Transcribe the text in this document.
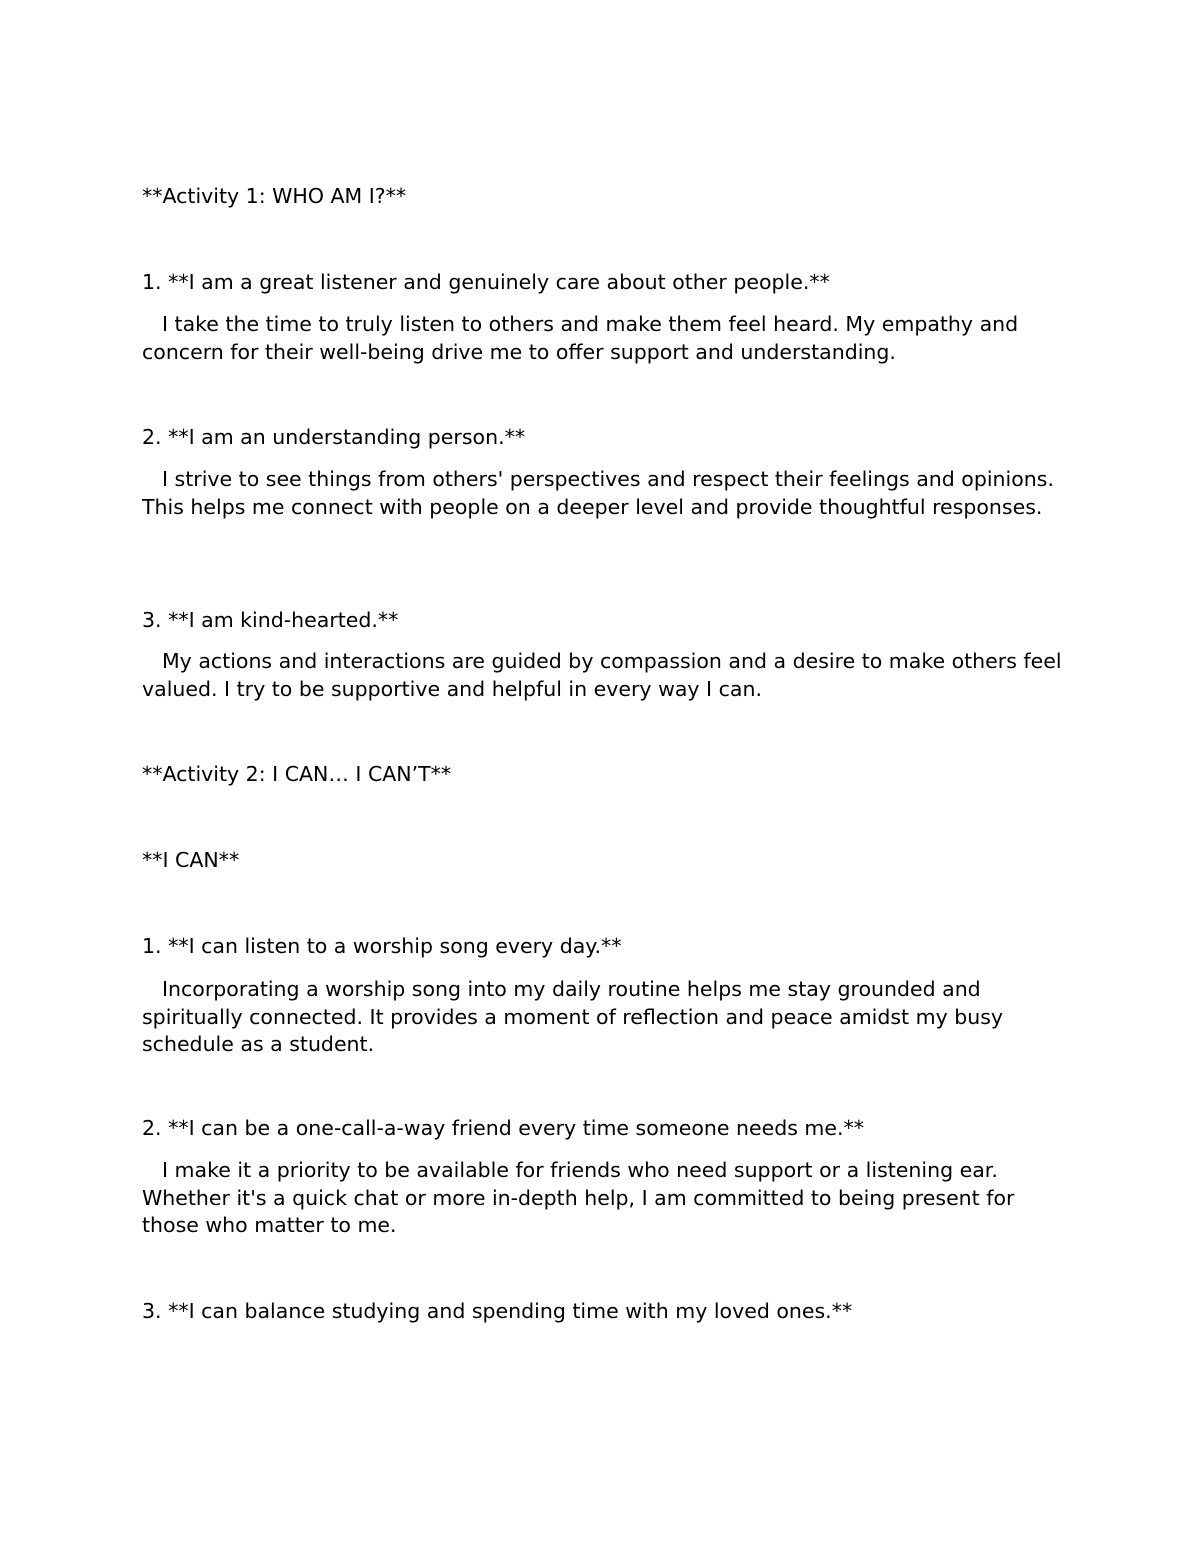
**Activity 1: WHO AM I?**
1. **I am a great listener and genuinely care about other people.**
I take the time to truly listen to others and make them feel heard. My empathy and concern for their well-being drive me to offer support and understanding.
2. **I am an understanding person.**
I strive to see things from others' perspectives and respect their feelings and opinions. This helps me connect with people on a deeper level and provide thoughtful responses.
3. **I am kind-hearted.**
My actions and interactions are guided by compassion and a desire to make others feel valued. I try to be supportive and helpful in every way I can.
**Activity 2: I CAN… I CAN’T**
**I CAN**
1. **I can listen to a worship song every day.**
Incorporating a worship song into my daily routine helps me stay grounded and spiritually connected. It provides a moment of reflection and peace amidst my busy schedule as a student.
2. **I can be a one-call-a-way friend every time someone needs me.**
I make it a priority to be available for friends who need support or a listening ear. Whether it's a quick chat or more in-depth help, I am committed to being present for those who matter to me.
3. **I can balance studying and spending time with my loved ones.**
